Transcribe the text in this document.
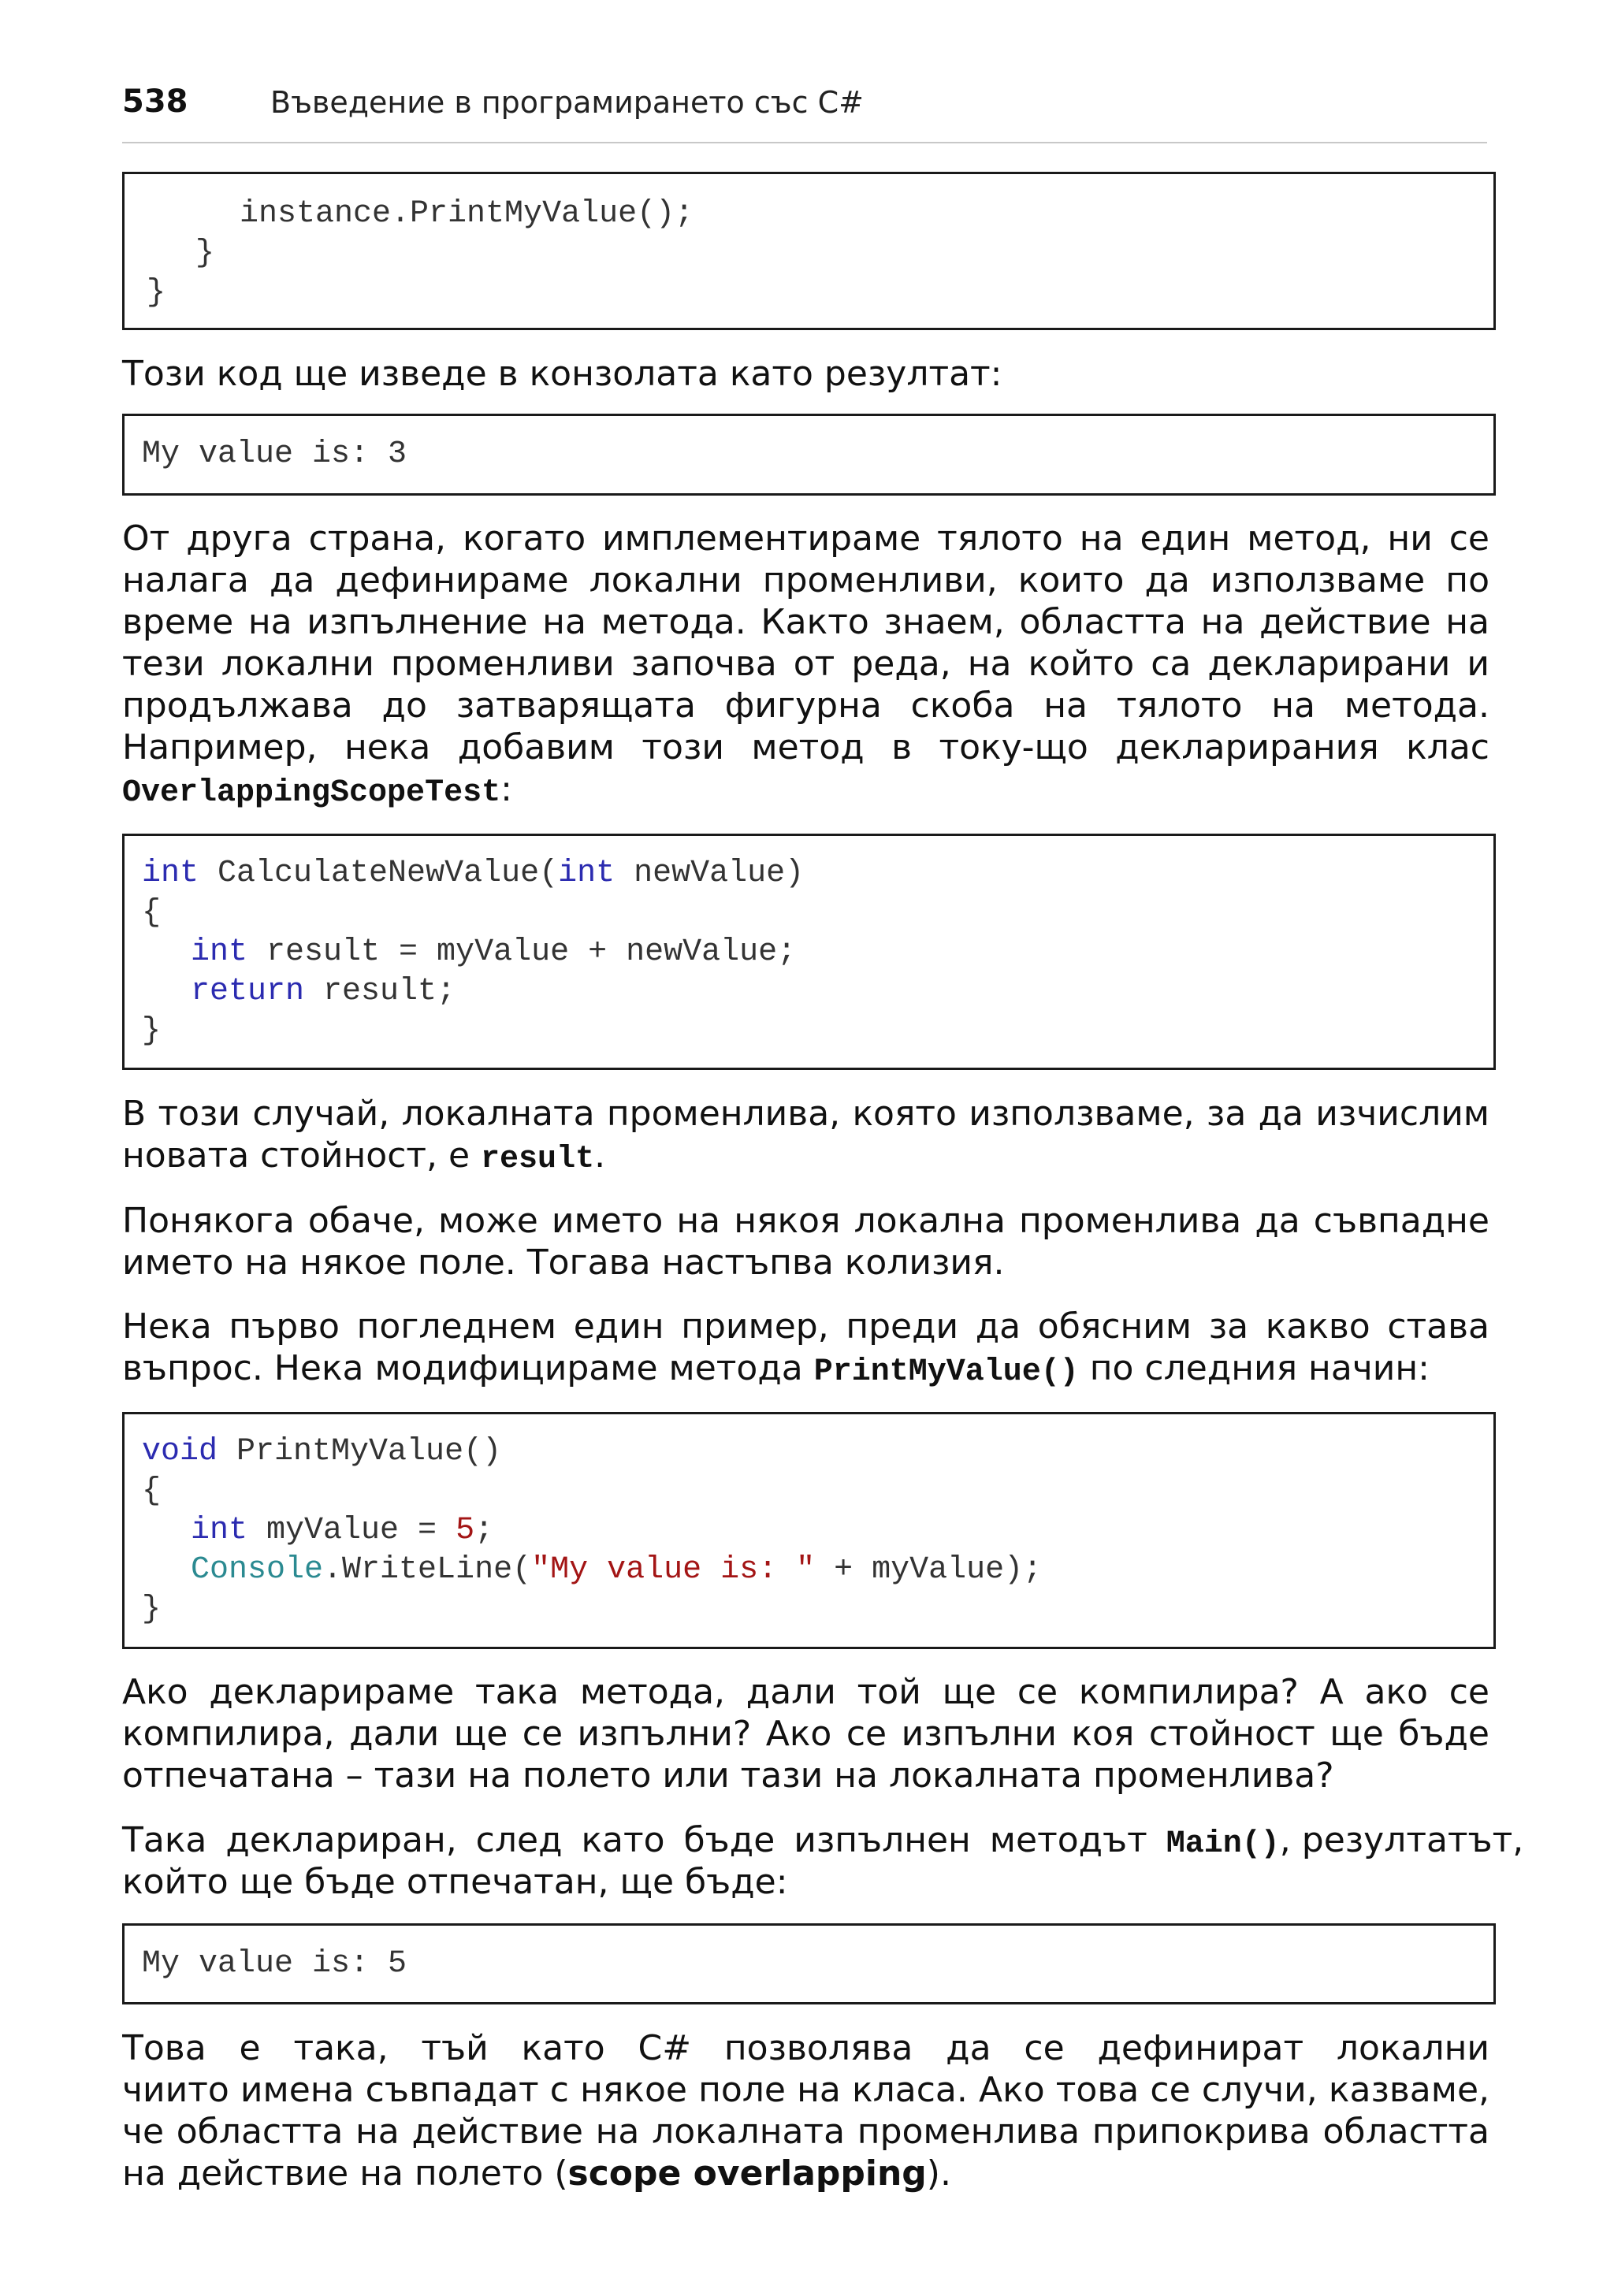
538	Въведение в програмирането със C#

instance.PrintMyValue();

}

}

Този код ще изведе в конзолата като резултат:

My value is: 3

От друга страна, когато имплементираме тялото на един метод, ни се
налага да дефинираме локални променливи, които да използваме по
време на изпълнение на метода. Както знаем, областта на действие на
тези локални променливи започва от реда, на който са декларирани и
продължава до затварящата фигурна скоба на тялото на метода.
Например, нека добавим този метод в току-що декларирания клас
OverlappingScopeTest:

int CalculateNewValue(int newValue)

{

int result = myValue + newValue;

return result;

}

В този случай, локалната променлива, която използваме, за да изчислим
новата стойност, е result.
Понякога обаче, може името на някоя локална променлива да съвпадне
името на някое поле. Тогава настъпва колизия.
Нека първо погледнем един пример, преди да обясним за какво става
въпрос. Нека модифицираме метода PrintMyValue() по следния начин:

void PrintMyValue()

{

int myValue = 5;

Console.WriteLine("My value is: " + myValue);

}

Ако декларираме така метода, дали той ще се компилира? А ако се
компилира, дали ще се изпълни? Ако се изпълни коя стойност ще бъде
отпечатана – тази на полето или тази на локалната променлива?
Така деклариран, след като бъде изпълнен методът Main(), резултатът,
който ще бъде отпечатан, ще бъде:

My value is: 5

Това е така, тъй като C# позволява да се дефинират локални
чиито имена съвпадат с някое поле на класа. Ако това се случи, казваме,
че областта на действие на локалната променлива припокрива областта
на действие на полето (scope overlapping).
